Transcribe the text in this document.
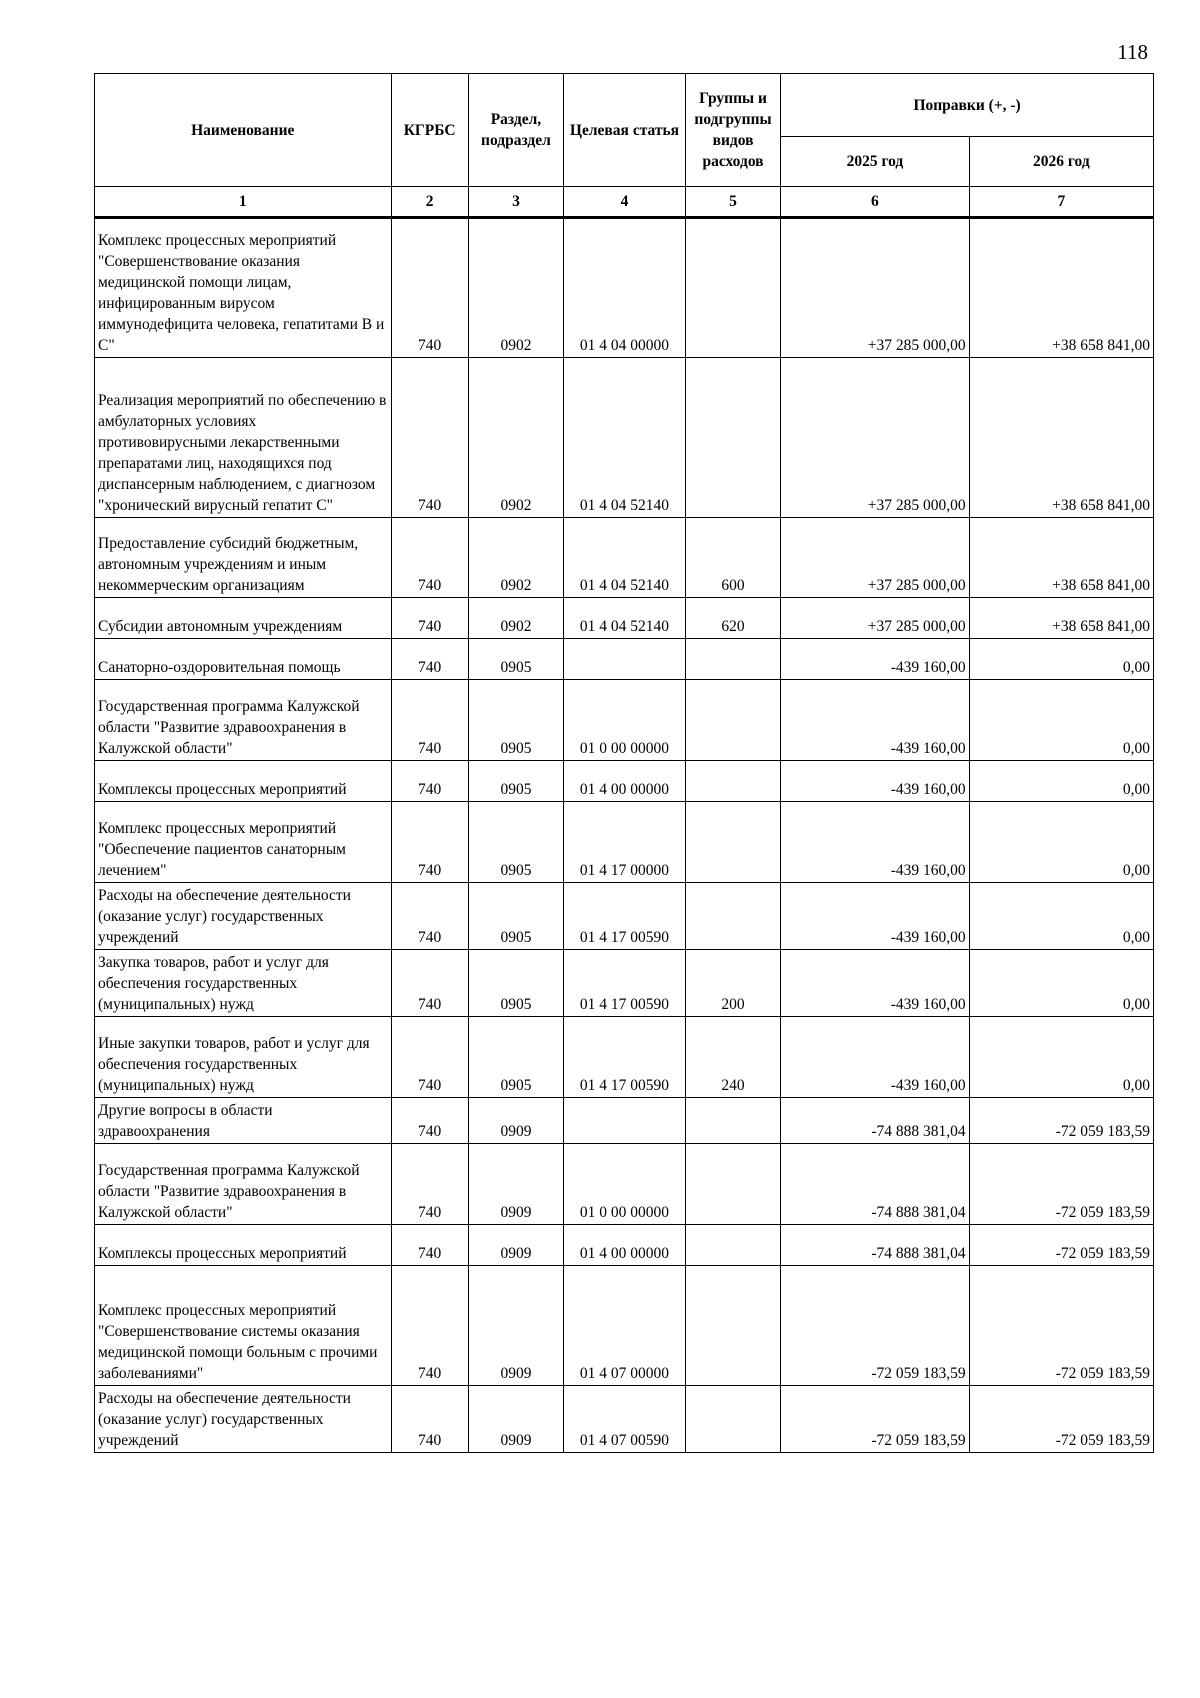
118
Наименование	КГРБС	Раздел, подраздел	Целевая статья	Группы и подгруппы видов расходов	Поправки (+, -)	
					2025 год	2026 год
1	2	3	4	5	6	7
Комплекс процессных мероприятий "Совершенствование оказания медицинской помощи лицам, инфицированным вирусом иммунодефицита человека, гепатитами В и С"	740	0902	01 4 04 00000		+37 285 000,00	+38 658 841,00
Реализация мероприятий по обеспечению в амбулаторных условиях противовирусными лекарственными препаратами лиц, находящихся под диспансерным наблюдением, с диагнозом "хронический вирусный гепатит С"	740	0902	01 4 04 52140		+37 285 000,00	+38 658 841,00
Предоставление субсидий бюджетным, автономным учреждениям и иным некоммерческим организациям	740	0902	01 4 04 52140	600	+37 285 000,00	+38 658 841,00
Субсидии автономным учреждениям	740	0902	01 4 04 52140	620	+37 285 000,00	+38 658 841,00
Санаторно-оздоровительная помощь	740	0905			-439 160,00	0,00
Государственная программа Калужской области "Развитие здравоохранения в Калужской области"	740	0905	01 0 00 00000		-439 160,00	0,00
Комплексы процессных мероприятий	740	0905	01 4 00 00000		-439 160,00	0,00
Комплекс процессных мероприятий "Обеспечение пациентов санаторным лечением"	740	0905	01 4 17 00000		-439 160,00	0,00
Расходы на обеспечение деятельности (оказание услуг) государственных учреждений	740	0905	01 4 17 00590		-439 160,00	0,00
Закупка товаров, работ и услуг для обеспечения государственных (муниципальных) нужд	740	0905	01 4 17 00590	200	-439 160,00	0,00
Иные закупки товаров, работ и услуг для обеспечения государственных (муниципальных) нужд	740	0905	01 4 17 00590	240	-439 160,00	0,00
Другие вопросы в области здравоохранения	740	0909			-74 888 381,04	-72 059 183,59
Государственная программа Калужской области "Развитие здравоохранения в Калужской области"	740	0909	01 0 00 00000		-74 888 381,04	-72 059 183,59
Комплексы процессных мероприятий	740	0909	01 4 00 00000		-74 888 381,04	-72 059 183,59
Комплекс процессных мероприятий "Совершенствование системы оказания медицинской помощи больным с прочими заболеваниями"	740	0909	01 4 07 00000		-72 059 183,59	-72 059 183,59
Расходы на обеспечение деятельности (оказание услуг) государственных учреждений	740	0909	01 4 07 00590		-72 059 183,59	-72 059 183,59
